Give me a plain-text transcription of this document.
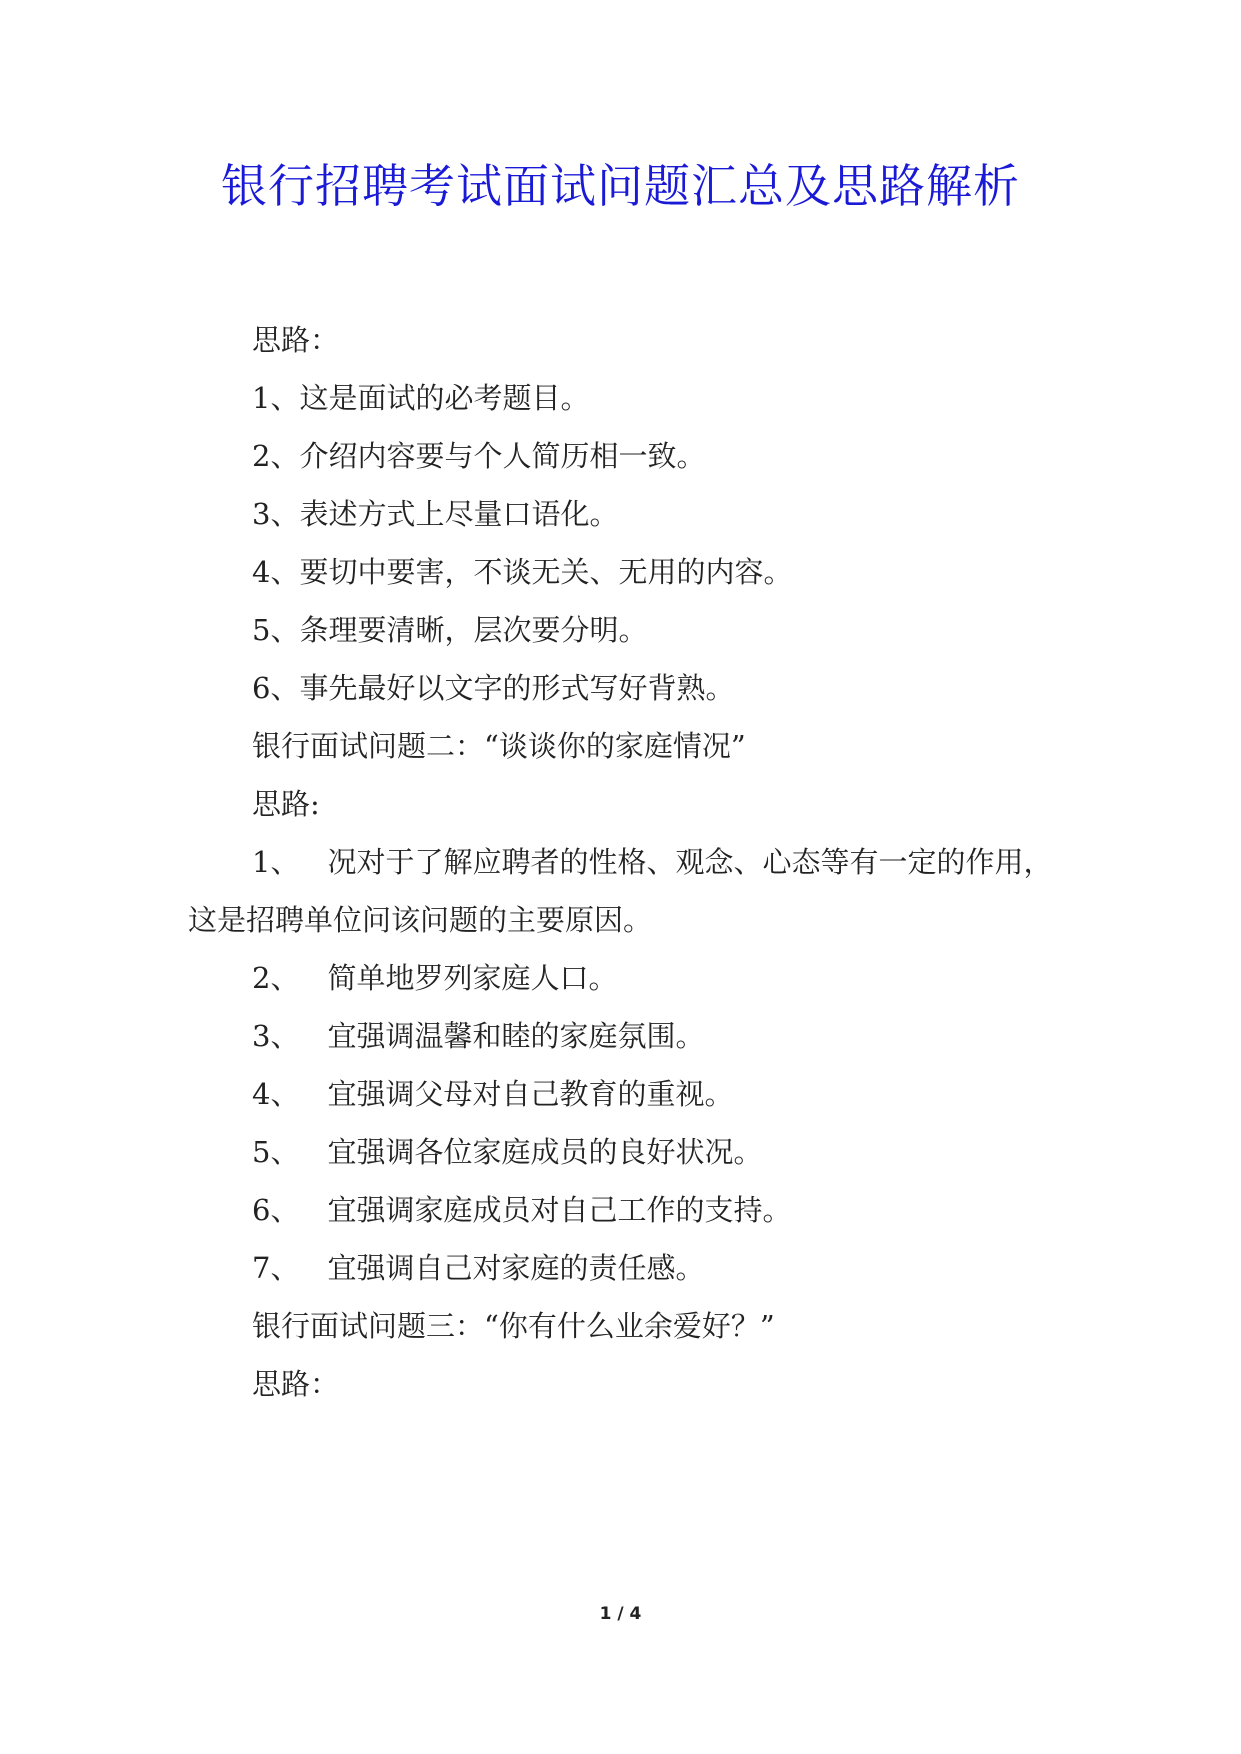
银行招聘考试面试问题汇总及思路解析
思路：
1、这是面试的必考题目。
2、介绍内容要与个人简历相一致。
3、表述方式上尽量口语化。
4、要切中要害，不谈无关、无用的内容。
5、条理要清晰，层次要分明。
6、事先最好以文字的形式写好背熟。
银行面试问题二：“谈谈你的家庭情况”
思路:
1、 况对于了解应聘者的性格、观念、心态等有一定的作用，
这是招聘单位问该问题的主要原因。
2、 简单地罗列家庭人口。
3、 宜强调温馨和睦的家庭氛围。
4、 宜强调父母对自己教育的重视。
5、 宜强调各位家庭成员的良好状况。
6、 宜强调家庭成员对自己工作的支持。
7、 宜强调自己对家庭的责任感。
银行面试问题三：“你有什么业余爱好？”
思路：
1 / 4
